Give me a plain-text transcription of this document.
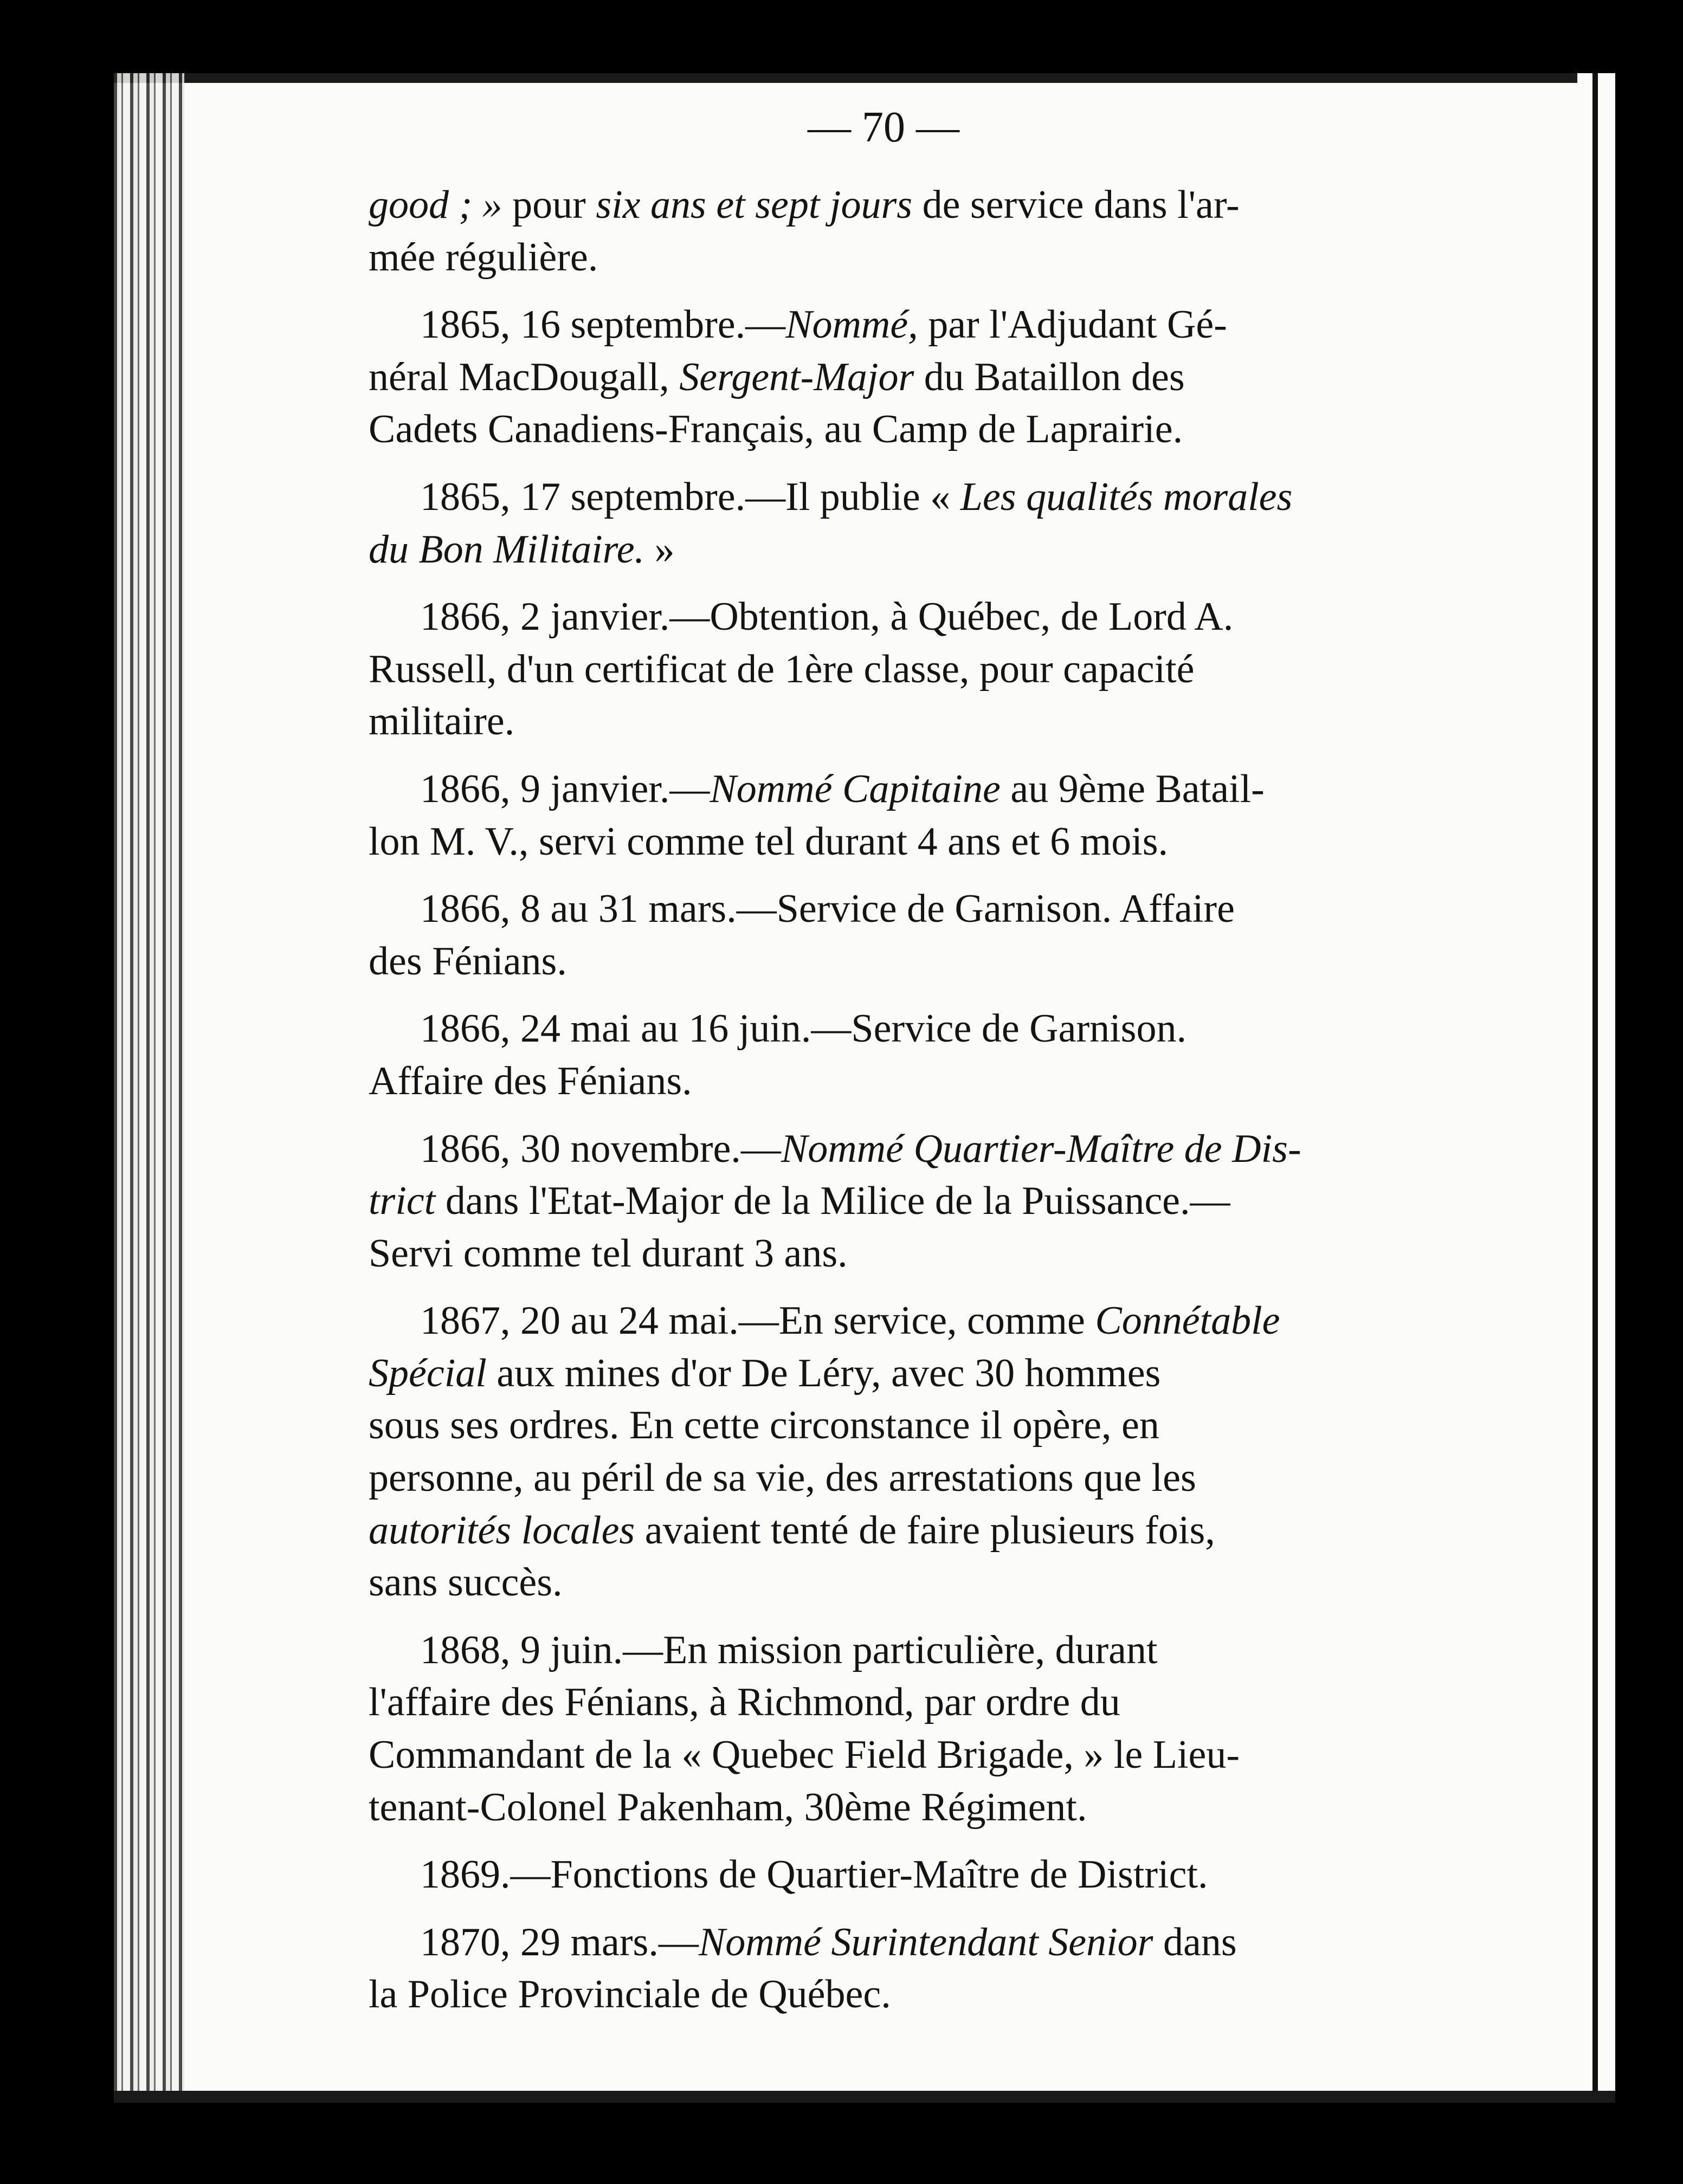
— 70 —
good ; » pour six ans et sept jours de service dans l'ar-
mée régulière.
1865, 16 septembre.—Nommé, par l'Adjudant Gé-
néral MacDougall, Sergent-Major du Bataillon des
Cadets Canadiens-Français, au Camp de Laprairie.
1865, 17 septembre.—Il publie « Les qualités morales
du Bon Militaire. »
1866, 2 janvier.—Obtention, à Québec, de Lord A.
Russell, d'un certificat de 1ère classe, pour capacité
militaire.
1866, 9 janvier.—Nommé Capitaine au 9ème Batail-
lon M. V., servi comme tel durant 4 ans et 6 mois.
1866, 8 au 31 mars.—Service de Garnison. Affaire
des Fénians.
1866, 24 mai au 16 juin.—Service de Garnison.
Affaire des Fénians.
1866, 30 novembre.—Nommé Quartier-Maître de Dis-
trict dans l'Etat-Major de la Milice de la Puissance.—
Servi comme tel durant 3 ans.
1867, 20 au 24 mai.—En service, comme Connétable
Spécial aux mines d'or De Léry, avec 30 hommes
sous ses ordres. En cette circonstance il opère, en
personne, au péril de sa vie, des arrestations que les
autorités locales avaient tenté de faire plusieurs fois,
sans succès.
1868, 9 juin.—En mission particulière, durant
l'affaire des Fénians, à Richmond, par ordre du
Commandant de la « Quebec Field Brigade, » le Lieu-
tenant-Colonel Pakenham, 30ème Régiment.
1869.—Fonctions de Quartier-Maître de District.
1870, 29 mars.—Nommé Surintendant Senior dans
la Police Provinciale de Québec.
